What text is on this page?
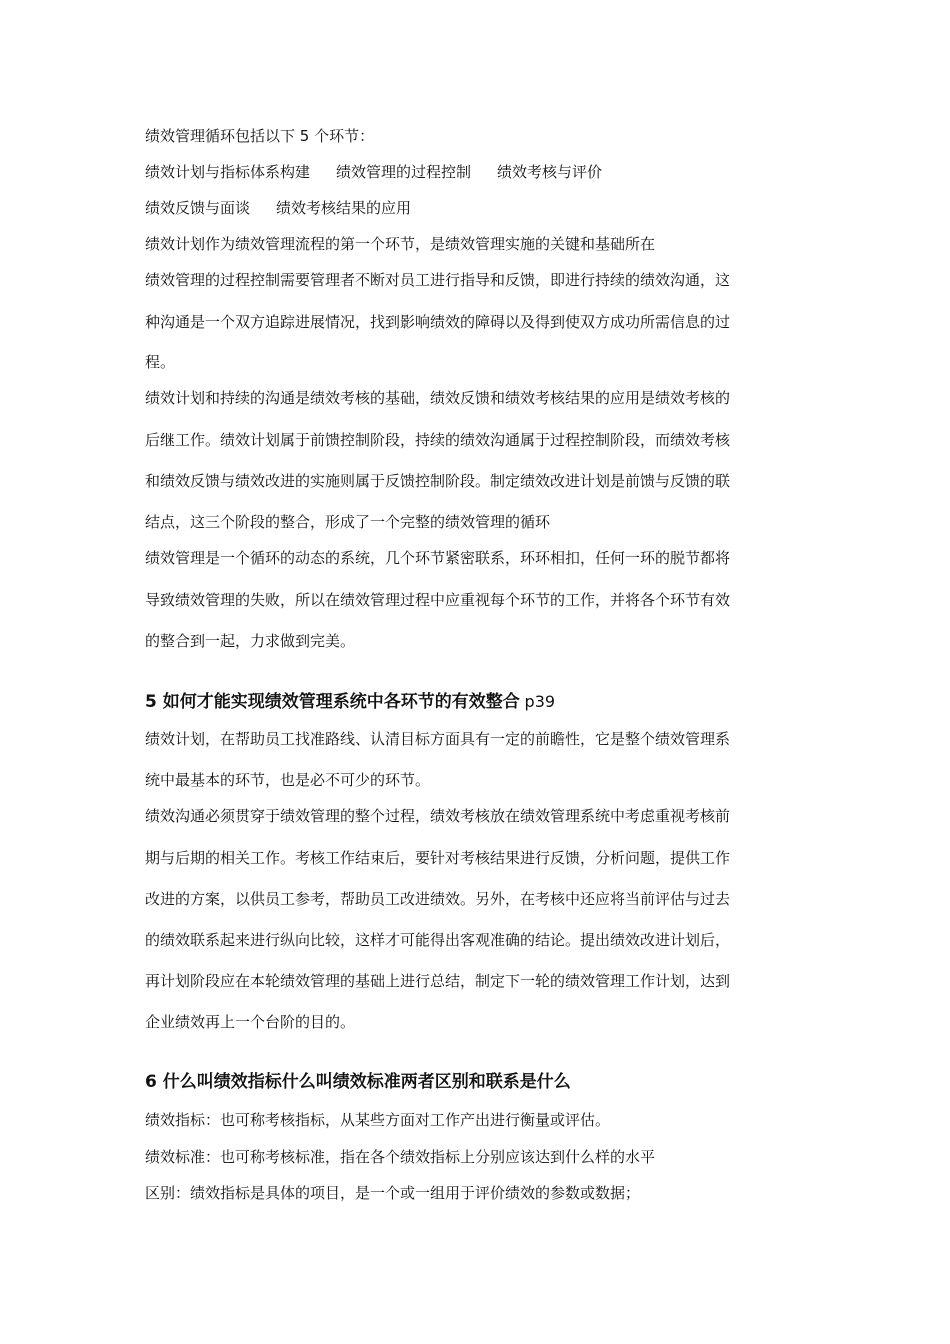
绩效管理循环包括以下 5 个环节：
绩效计划与指标体系构建 绩效管理的过程控制 绩效考核与评价
绩效反馈与面谈 绩效考核结果的应用
绩效计划作为绩效管理流程的第一个环节，是绩效管理实施的关键和基础所在
绩效管理的过程控制需要管理者不断对员工进行指导和反馈，即进行持续的绩效沟通，这
种沟通是一个双方追踪进展情况，找到影响绩效的障碍以及得到使双方成功所需信息的过
程。
绩效计划和持续的沟通是绩效考核的基础，绩效反馈和绩效考核结果的应用是绩效考核的
后继工作。绩效计划属于前馈控制阶段，持续的绩效沟通属于过程控制阶段，而绩效考核
和绩效反馈与绩效改进的实施则属于反馈控制阶段。制定绩效改进计划是前馈与反馈的联
结点，这三个阶段的整合，形成了一个完整的绩效管理的循环
绩效管理是一个循环的动态的系统，几个环节紧密联系，环环相扣，任何一环的脱节都将
导致绩效管理的失败，所以在绩效管理过程中应重视每个环节的工作，并将各个环节有效
的整合到一起，力求做到完美。
5 如何才能实现绩效管理系统中各环节的有效整合 p39
绩效计划，在帮助员工找准路线、认清目标方面具有一定的前瞻性，它是整个绩效管理系
统中最基本的环节，也是必不可少的环节。
绩效沟通必须贯穿于绩效管理的整个过程，绩效考核放在绩效管理系统中考虑重视考核前
期与后期的相关工作。考核工作结束后，要针对考核结果进行反馈，分析问题，提供工作
改进的方案，以供员工参考，帮助员工改进绩效。另外，在考核中还应将当前评估与过去
的绩效联系起来进行纵向比较，这样才可能得出客观准确的结论。提出绩效改进计划后，
再计划阶段应在本轮绩效管理的基础上进行总结，制定下一轮的绩效管理工作计划，达到
企业绩效再上一个台阶的目的。
6 什么叫绩效指标什么叫绩效标准两者区别和联系是什么
绩效指标：也可称考核指标，从某些方面对工作产出进行衡量或评估。
绩效标准：也可称考核标准，指在各个绩效指标上分别应该达到什么样的水平
区别：绩效指标是具体的项目，是一个或一组用于评价绩效的参数或数据；
